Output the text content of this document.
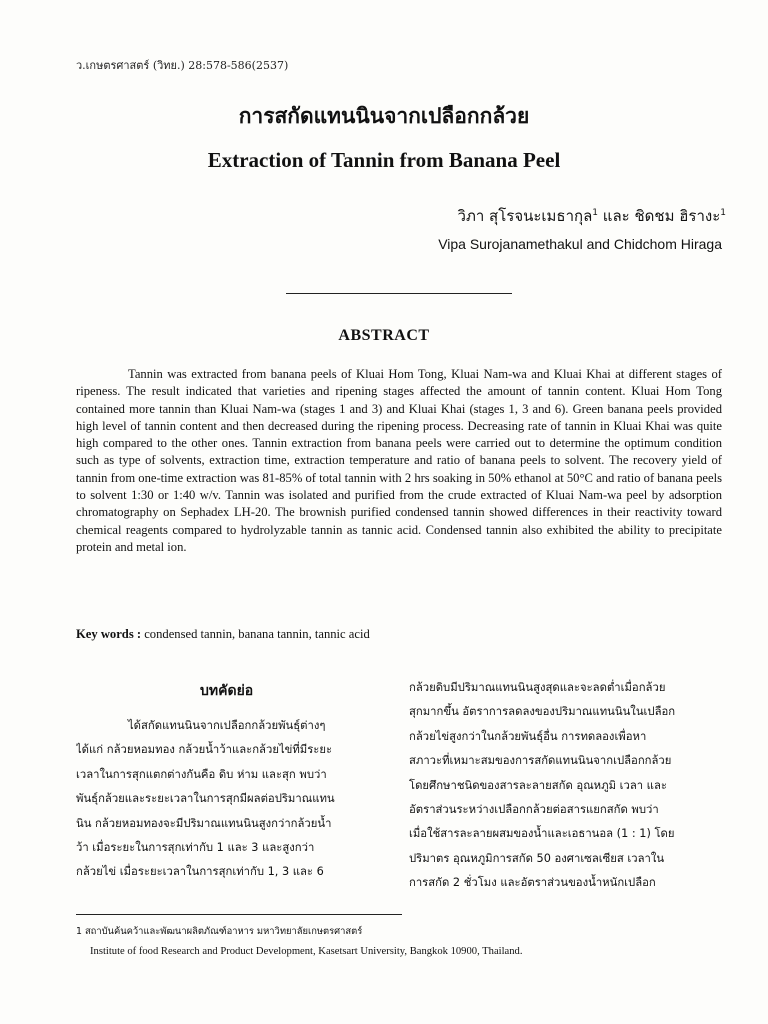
ว.เกษตรศาสตร์ (วิทย.) 28:578-586(2537)
การสกัดแทนนินจากเปลือกกล้วย
Extraction of Tannin from Banana Peel
วิภา สุโรจนะเมธากุล$^1$ และ ชิดชม ฮิรางะ$^1$
Vipa Surojanamethakul and Chidchom Hiraga
ABSTRACT

Tannin was extracted from banana peels of Kluai Hom Tong, Kluai Nam-wa and Kluai Khai at different stages of ripeness. The result indicated that varieties and ripening stages affected the amount of tannin content. Kluai Hom Tong contained more tannin than Kluai Nam-wa (stages 1 and 3) and Kluai Khai (stages 1, 3 and 6). Green banana peels provided high level of tannin content and then decreased during the ripening process. Decreasing rate of tannin in Kluai Khai was quite high compared to the other ones. Tannin extraction from banana peels were carried out to determine the optimum condition such as type of solvents, extraction time, extraction temperature and ratio of banana peels to solvent. The recovery yield of tannin from one-time extraction was 81-85% of total tannin with 2 hrs soaking in 50% ethanol at 50°C and ratio of banana peels to solvent 1:30 or 1:40 w/v. Tannin was isolated and purified from the crude extracted of Kluai Nam-wa peel by adsorption chromatography on Sephadex LH-20. The brownish purified condensed tannin showed differences in their reactivity toward chemical reagents compared to hydrolyzable tannin as tannic acid. Condensed tannin also exhibited the ability to precipitate protein and metal ion.

Key words : condensed tannin, banana tannin, tannic acid
บทคัดย่อ
ได้สกัดแทนนินจากเปลือกกล้วยพันธุ์ต่างๆ
ได้แก่ กล้วยหอมทอง กล้วยน้ำว้าและกล้วยไข่ที่มีระยะ
เวลาในการสุกแตกต่างกันคือ ดิบ ห่าม และสุก พบว่า
พันธุ์กล้วยและระยะเวลาในการสุกมีผลต่อปริมาณแทน
นิน กล้วยหอมทองจะมีปริมาณแทนนินสูงกว่ากล้วยน้ำ
ว้า เมื่อระยะในการสุกเท่ากับ 1 และ 3 และสูงกว่า
กล้วยไข่ เมื่อระยะเวลาในการสุกเท่ากับ 1, 3 และ 6
กล้วยดิบมีปริมาณแทนนินสูงสุดและจะลดต่ำเมื่อกล้วย
สุกมากขึ้น อัตราการลดลงของปริมาณแทนนินในเปลือก
กล้วยไข่สูงกว่าในกล้วยพันธุ์อื่น การทดลองเพื่อหา
สภาวะที่เหมาะสมของการสกัดแทนนินจากเปลือกกล้วย
โดยศึกษาชนิดของสารละลายสกัด อุณหภูมิ เวลา และ
อัตราส่วนระหว่างเปลือกกล้วยต่อสารแยกสกัด พบว่า
เมื่อใช้สารละลายผสมของน้ำและเอธานอล (1 : 1) โดย
ปริมาตร อุณหภูมิการสกัด 50 องศาเซลเซียส เวลาใน
การสกัด 2 ชั่วโมง และอัตราส่วนของน้ำหนักเปลือก
1 สถาบันค้นคว้าและพัฒนาผลิตภัณฑ์อาหาร มหาวิทยาลัยเกษตรศาสตร์
Institute of food Research and Product Development, Kasetsart University, Bangkok 10900, Thailand.
